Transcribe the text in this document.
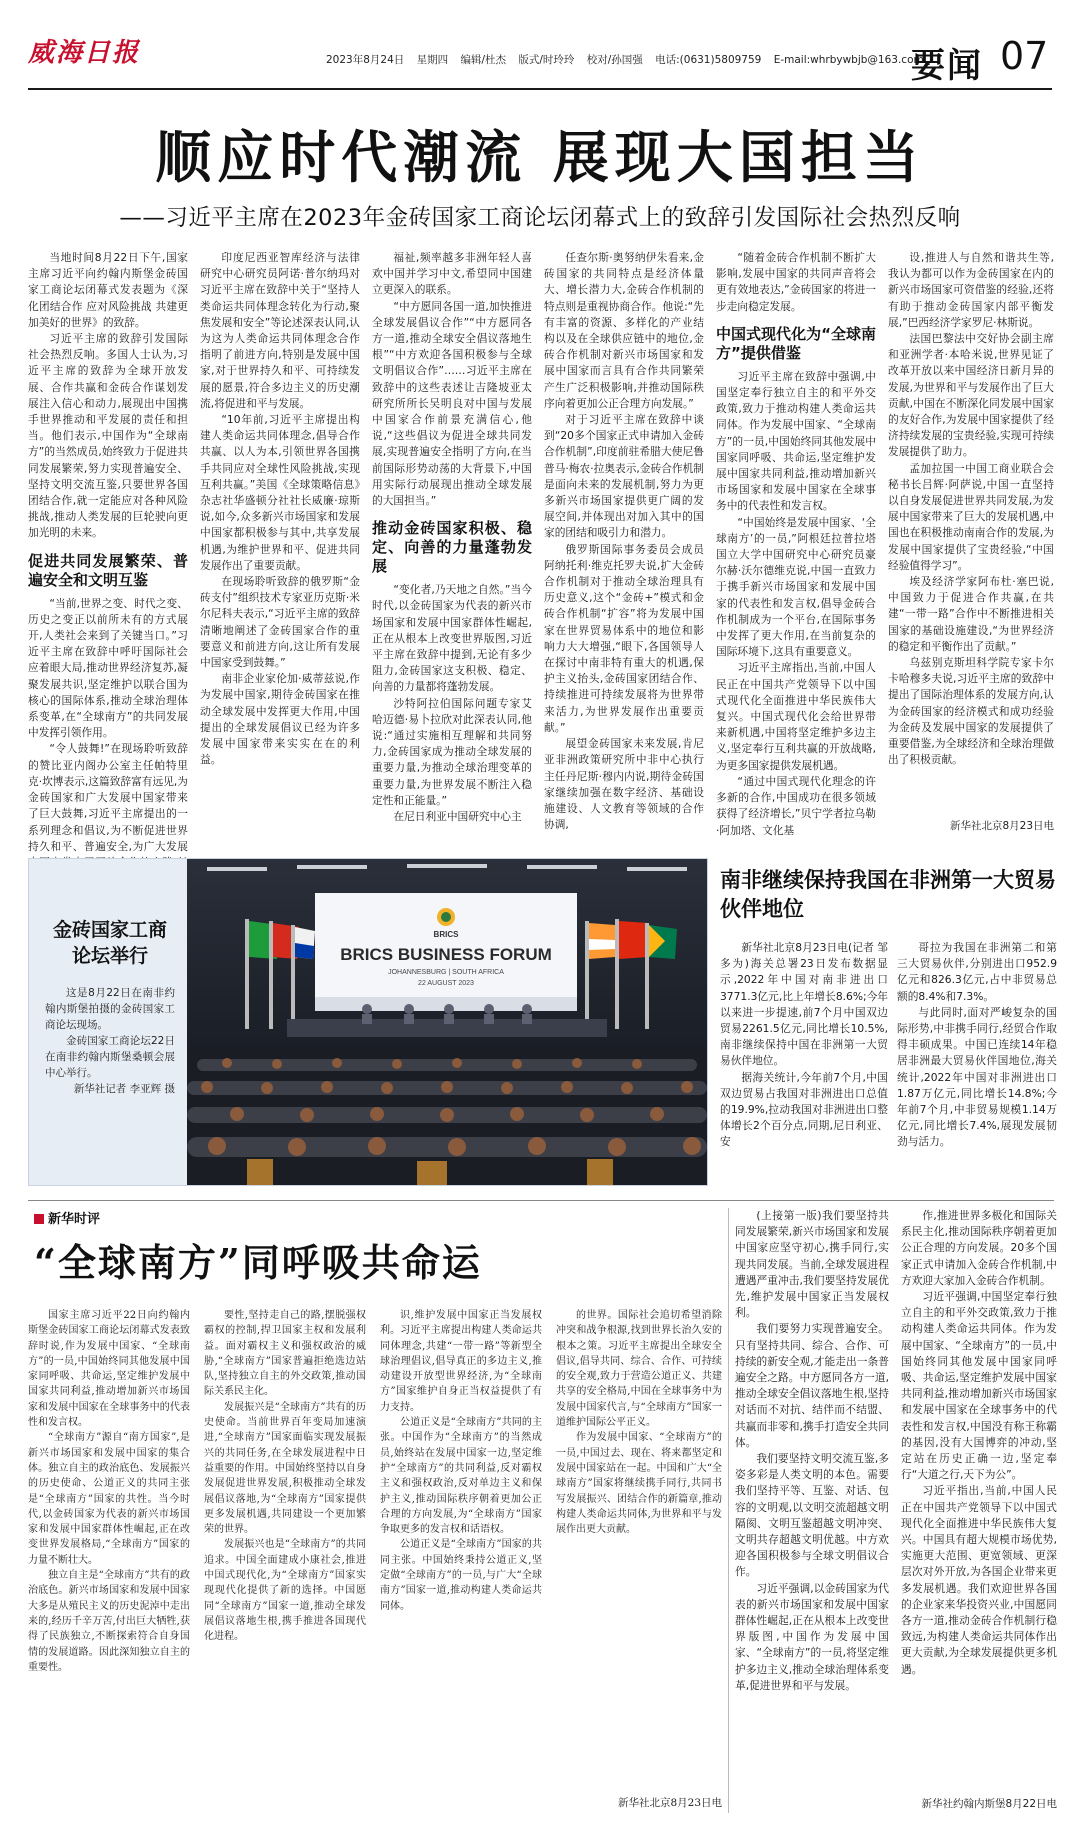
威海日报	2023年8月24日 星期四 编辑/杜杰 版式/时玲玲 校对/孙国强 电话:(0631)5809759 E-mail:whrbywbjb@163.com
要闻 07
顺应时代潮流 展现大国担当
——习近平主席在2023年金砖国家工商论坛闭幕式上的致辞引发国际社会热烈反响

当地时间8月22日下午,国家主席习近平向约翰内斯堡金砖国家工商论坛闭幕式发表题为《深化团结合作 应对风险挑战 共建更加美好的世界》的致辞。

习近平主席的致辞引发国际社会热烈反响。多国人士认为,习近平主席的致辞为全球开放发展、合作共赢和金砖合作谋划发展注入信心和动力,展现出中国携手世界推动和平发展的责任和担当。他们表示,中国作为“全球南方”的当然成员,始终致力于促进共同发展繁荣,努力实现普遍安全、坚持文明交流互鉴,只要世界各国团结合作,就一定能应对各种风险挑战,推动人类发展的巨轮驶向更加光明的未来。

促进共同发展繁荣、普遍安全和文明互鉴

“当前,世界之变、时代之变、历史之变正以前所未有的方式展开,人类社会来到了关键当口。”习近平主席在致辞中呼吁国际社会应着眼大局,推动世界经济复苏,凝聚发展共识,坚定维护以联合国为核心的国际体系,推动全球治理体系变革,在“全球南方”的共同发展中发挥引领作用。

“令人鼓舞!”在现场聆听致辞的赞比亚内阁办公室主任帕特里克·坎博表示,这篇致辞富有远见,为金砖国家和广大发展中国家带来了巨大鼓舞,习近平主席提出的一系列理念和倡议,为不断促进世界持久和平、普遍安全,为广大发展

印度尼西亚智库经济与法律研究中心研究员阿诺·普尔纳玛对习近平主席在致辞中关于“坚持人类命运共同体理念转化为行动,聚焦发展和安全”等论述深表认同,认为这为人类命运共同体理念合作指明了前进方向,特别是发展中国家,对于世界持久和平、可持续发展的愿景,符合多边主义的历史潮流,将促进和平与发展。

“10年前,习近平主席提出构建人类命运共同体理念,倡导合作共赢、以人为本,引领世界各国携手共同应对全球性风险挑战,实现互利共赢。”美国《全球策略信息》杂志社华盛顿分社社长威廉·琼斯说,如今,众多新兴市场国家和发展中国家都积极参与其中,共享发展机遇,为维护世界和平、促进共同发展作出了重要贡献。

在现场聆听致辞的俄罗斯“金砖支付”组织技术专家亚历克斯·米尔尼科夫表示,“习近平主席的致辞清晰地阐述了金砖国家合作的重要意义和前进方向,这让所有发展中国家受到鼓舞。”

南非企业家伦加·威蒂兹说,作为发展中国家,期待金砖国家在推动全球发展中发挥更大作用,中国提出的全球发展倡议已经为许多发展中国家带来实实在在的利益。

福祉,频率越多非洲年轻人喜欢中国并学习中文,希望同中国建立更深入的联系。

“中方愿同各国一道,加快推进全球发展倡议合作”“中方愿同各方一道,推动全球安全倡议落地生根”“中方欢迎各国积极参与全球文明倡议合作”……习近平主席在致辞中的这些表述让吉隆坡亚太研究所所长吴明良对中国与发展中国家合作前景充满信心,他说,“这些倡议为促进全球共同发展,实现普遍安全指明了方向,在当前国际形势动荡的大背景下,中国用实际行动展现出推动全球发展的大国担当。”

推动金砖国家积极、稳定、向善的力量蓬勃发展

“变化者,乃天地之自然。”当今时代,以金砖国家为代表的新兴市场国家和发展中国家群体性崛起,正在从根本上改变世界版图,习近平主席在致辞中提到,无论有多少阻力,金砖国家这支积极、稳定、向善的力量都将蓬勃发展。

沙特阿拉伯国际问题专家艾哈迈德·易卜拉欣对此深表认同,他说:“通过实施相互理解和共同努力,金砖国家成为推动全球发展的重要力量,为推动全球治理变革的重要力量,为世界发展不断注入稳定性和正能量。”

在尼日利亚中国研究中心主

任查尔斯·奥努纳伊朱看来,金砖国家的共同特点是经济体量大、增长潜力大,金砖合作机制的特点则是重视协商合作。他说:“先有丰富的资源、多样化的产业结构以及在全球供应链中的地位,金砖合作机制对新兴市场国家和发展中国家而言具有合作共同繁荣产生广泛积极影响,并推动国际秩序向着更加公正合理方向发展。”

对于习近平主席在致辞中谈到“20多个国家正式申请加入金砖合作机制”,印度前驻希腊大使尼鲁普马·梅农·拉奥表示,金砖合作机制是面向未来的发展机制,努力为更多新兴市场国家提供更广阔的发展空间,并体现出对加入其中的国家的团结和吸引力和潜力。

俄罗斯国际事务委员会成员阿纳托利·维克托罗夫说,扩大金砖合作机制对于推动全球治理具有历史意义,这个“金砖+”模式和金砖合作机制“扩容”将为发展中国家在世界贸易体系中的地位和影响力大大增强,“眼下,各国领导人在探讨中南非特有重大的机遇,保护主义抬头,金砖国家团结合作、持续推进可持续发展将为世界带来活力,为世界发展作出重要贡献。”

展望金砖国家未来发展,肯尼亚非洲政策研究所中非中心执行主任丹尼斯·穆内内说,期待金砖国家继续加强在数字经济、基础设施建设、人文教育等领域的合作协调,

“随着金砖合作机制不断扩大影响,发展中国家的共同声音将会更有效地表达,”金砖国家的将进一步走向稳定发展。

中国式现代化为“全球南方”提供借鉴

习近平主席在致辞中强调,中国坚定奉行独立自主的和平外交政策,致力于推动构建人类命运共同体。作为发展中国家、“全球南方”的一员,中国始终同其他发展中国家同呼吸、共命运,坚定维护发展中国家共同利益,推动增加新兴市场国家和发展中国家在全球事务中的代表性和发言权。

“中国始终是发展中国家、‘全球南方’的一员,”阿根廷拉普拉塔国立大学中国研究中心研究员豪尔赫·沃尔德维克说,中国一直致力于携手新兴市场国家和发展中国家的代表性和发言权,倡导金砖合作机制成为一个平台,在国际事务中发挥了更大作用,在当前复杂的国际环境下,这具有重要意义。

习近平主席指出,当前,中国人民正在中国共产党领导下以中国式现代化全面推进中华民族伟大复兴。中国式现代化会给世界带来新机遇,中国将坚定维护多边主义,坚定奉行互利共赢的开放战略,为更多国家提供发展机遇。

“通过中国式现代化理念的许多新的合作,中国成功在很多领域获得了经济增长,”贝宁学者拉乌勒·阿加塔、文化基

设,推进人与自然和谐共生等,我认为都可以作为金砖国家在内的新兴市场国家可资借鉴的经验,还将有助于推动金砖国家内部平衡发展,”巴西经济学家罗尼·林斯说。

法国巴黎法中交好协会副主席和亚洲学者·本哈米说,世界见证了改革开放以来中国经济日新月异的发展,为世界和平与发展作出了巨大贡献,中国在不断深化同发展中国家的友好合作,为发展中国家提供了经济持续发展的宝贵经验,实现可持续发展提供了助力。

孟加拉国一中国工商业联合会秘书长吕辉·阿萨说,中国一直坚持以自身发展促进世界共同发展,为发展中国家带来了巨大的发展机遇,中国也在积极推动南南合作的发展,为发展中国家提供了宝贵经验,“中国经验值得学习”。

埃及经济学家阿布杜·塞巴说,中国致力于促进合作共赢,在共建“一带一路”合作中不断推进相关国家的基础设施建设,“为世界经济的稳定和平衡作出了贡献。”

乌兹别克斯坦科学院专家卡尔卡哈穆多夫说,习近平主席的致辞中提出了国际治理体系的发展方向,认为金砖国家的经济模式和成功经验为金砖及发展中国家的发展提供了重要借鉴,为全球经济和全球治理做出了积极贡献。

新华社北京8月23日电
金砖国家工商论坛举行

这是8月22日在南非约翰内斯堡拍摄的金砖国家工商论坛现场。

金砖国家工商论坛22日在南非约翰内斯堡桑顿会展中心举行。

新华社记者 李亚辉 摄

BRICS
BRICS BUSINESS FORUM
JOHANNESBURG | SOUTH AFRICA
22 AUGUST 2023
南非继续保持我国在非洲第一大贸易伙伴地位

新华社北京8月23日电(记者 邹多为)海关总署23日发布数据显示,2022年中国对南非进出口3771.3亿元,比上年增长8.6%;今年以来进一步提速,前7个月中国双边贸易2261.5亿元,同比增长10.5%,南非继续保持中国在非洲第一大贸易伙伴地位。

据海关统计,今年前7个月,中国双边贸易占我国对非洲进出口总值的19.9%,拉动我国对非洲进出口整体增长2个百分点,同期,尼日利亚、安

哥拉为我国在非洲第二和第三大贸易伙伴,分别进出口952.9亿元和826.3亿元,占中非贸易总额的8.4%和7.3%。

与此同时,面对严峻复杂的国际形势,中非携手同行,经贸合作取得丰硕成果。中国已连续14年稳居非洲最大贸易伙伴国地位,海关统计,2022年中国对非洲进出口1.87万亿元,同比增长14.8%;今年前7个月,中非贸易规模1.14万亿元,同比增长7.4%,展现发展韧劲与活力。

新华时评
“全球南方”同呼吸共命运

国家主席习近平22日向约翰内斯堡金砖国家工商论坛闭幕式发表致辞时说,作为发展中国家、“全球南方”的一员,中国始终同其他发展中国家同呼吸、共命运,坚定维护发展中国家共同利益,推动增加新兴市场国家和发展中国家在全球事务中的代表性和发言权。

“全球南方”源自“南方国家”,是新兴市场国家和发展中国家的集合体。独立自主的政治底色、发展振兴的历史使命、公道正义的共同主张是“全球南方”国家的共性。当今时代,以金砖国家为代表的新兴市场国家和发展中国家群体性崛起,正在改变世界发展格局,“全球南方”国家的力量不断壮大。

独立自主是“全球南方”共有的政治底色。新兴市场国家和发展中国家大多是从殖民主义的历史泥淖中走出来的,经历千辛万苦,付出巨大牺牲,获得了民族独立,不断探索符合自身国情的发展道路。因此深知独立自主的重要性。

要性,坚持走自己的路,摆脱强权霸权的控制,捍卫国家主权和发展利益。面对霸权主义和强权政治的威胁,“全球南方”国家普遍拒绝选边站队,坚持独立自主的外交政策,推动国际关系民主化。

发展振兴是“全球南方”共有的历史使命。当前世界百年变局加速演进,“全球南方”国家面临实现发展振兴的共同任务,在全球发展进程中日益重要的作用。中国始终坚持以自身发展促进世界发展,积极推动全球发展倡议落地,为“全球南方”国家提供更多发展机遇,共同建设一个更加繁荣的世界。

发展振兴也是“全球南方”的共同追求。中国全面建成小康社会,推进中国式现代化,为“全球南方”国家实现现代化提供了新的选择。中国愿同“全球南方”国家一道,推动全球发展倡议落地生根,携手推进各国现代化进程。

识,维护发展中国家正当发展权利。习近平主席提出构建人类命运共同体理念,共建“一带一路”等新型全球治理倡议,倡导真正的多边主义,推动建设开放型世界经济,为“全球南方”国家维护自身正当权益提供了有力支持。

公道正义是“全球南方”共同的主张。中国作为“全球南方”的当然成员,始终站在发展中国家一边,坚定维护“全球南方”的共同利益,反对霸权主义和强权政治,反对单边主义和保护主义,推动国际秩序朝着更加公正合理的方向发展,为“全球南方”国家争取更多的发言权和话语权。

公道正义是“全球南方”国家的共同主张。中国始终秉持公道正义,坚定做“全球南方”的一员,与广大“全球南方”国家一道,推动构建人类命运共同体。

的世界。国际社会追切希望消除冲突和战争根源,找到世界长治久安的根本之策。习近平主席提出全球安全倡议,倡导共同、综合、合作、可持续的安全观,致力于营造公道正义、共建共享的安全格局,中国在全球事务中为发展中国家代言,与“全球南方”国家一道维护国际公平正义。

作为发展中国家、“全球南方”的一员,中国过去、现在、将来都坚定和发展中国家站在一起。中国和广大“全球南方”国家将继续携手同行,共同书写发展振兴、团结合作的新篇章,推动构建人类命运共同体,为世界和平与发展作出更大贡献。

新华社北京8月23日电

(上接第一版)我们要坚持共同发展繁荣,新兴市场国家和发展中国家应坚守初心,携手同行,实现共同发展。当前,全球发展进程遭遇严重冲击,我们要坚持发展优先,维护发展中国家正当发展权利。

我们要努力实现普遍安全。只有坚持共同、综合、合作、可持续的新安全观,才能走出一条普遍安全之路。中方愿同各方一道,推动全球安全倡议落地生根,坚持对话而不对抗、结伴而不结盟、共赢而非零和,携手打造安全共同体。

我们要坚持文明交流互鉴,多姿多彩是人类文明的本色。需要我们坚持平等、互鉴、对话、包容的文明观,以文明交流超越文明隔阂、文明互鉴超越文明冲突、文明共存超越文明优越。中方欢迎各国积极参与全球文明倡议合作。

习近平强调,以金砖国家为代表的新兴市场国家和发展中国家群体性崛起,正在从根本上改变世界版图,中国作为发展中国家、“全球南方”的一员,将坚定维护多边主义,推动全球治理体系变革,促进世界和平与发展。

作,推进世界多极化和国际关系民主化,推动国际秩序朝着更加公正合理的方向发展。20多个国家正式申请加入金砖合作机制,中方欢迎大家加入金砖合作机制。

习近平强调,中国坚定奉行独立自主的和平外交政策,致力于推动构建人类命运共同体。作为发展中国家、“全球南方”的一员,中国始终同其他发展中国家同呼吸、共命运,坚定维护发展中国家共同利益,推动增加新兴市场国家和发展中国家在全球事务中的代表性和发言权,中国没有称王称霸的基因,没有大国博弈的冲动,坚定站在历史正确一边,坚定奉行“大道之行,天下为公”。

习近平指出,当前,中国人民正在中国共产党领导下以中国式现代化全面推进中华民族伟大复兴。中国具有超大规模市场优势,实施更大范围、更宽领域、更深层次对外开放,为各国企业带来更多发展机遇。我们欢迎世界各国的企业家来华投资兴业,中国愿同各方一道,推动金砖合作机制行稳致远,为构建人类命运共同体作出更大贡献,为全球发展提供更多机遇。

新华社约翰内斯堡8月22日电
